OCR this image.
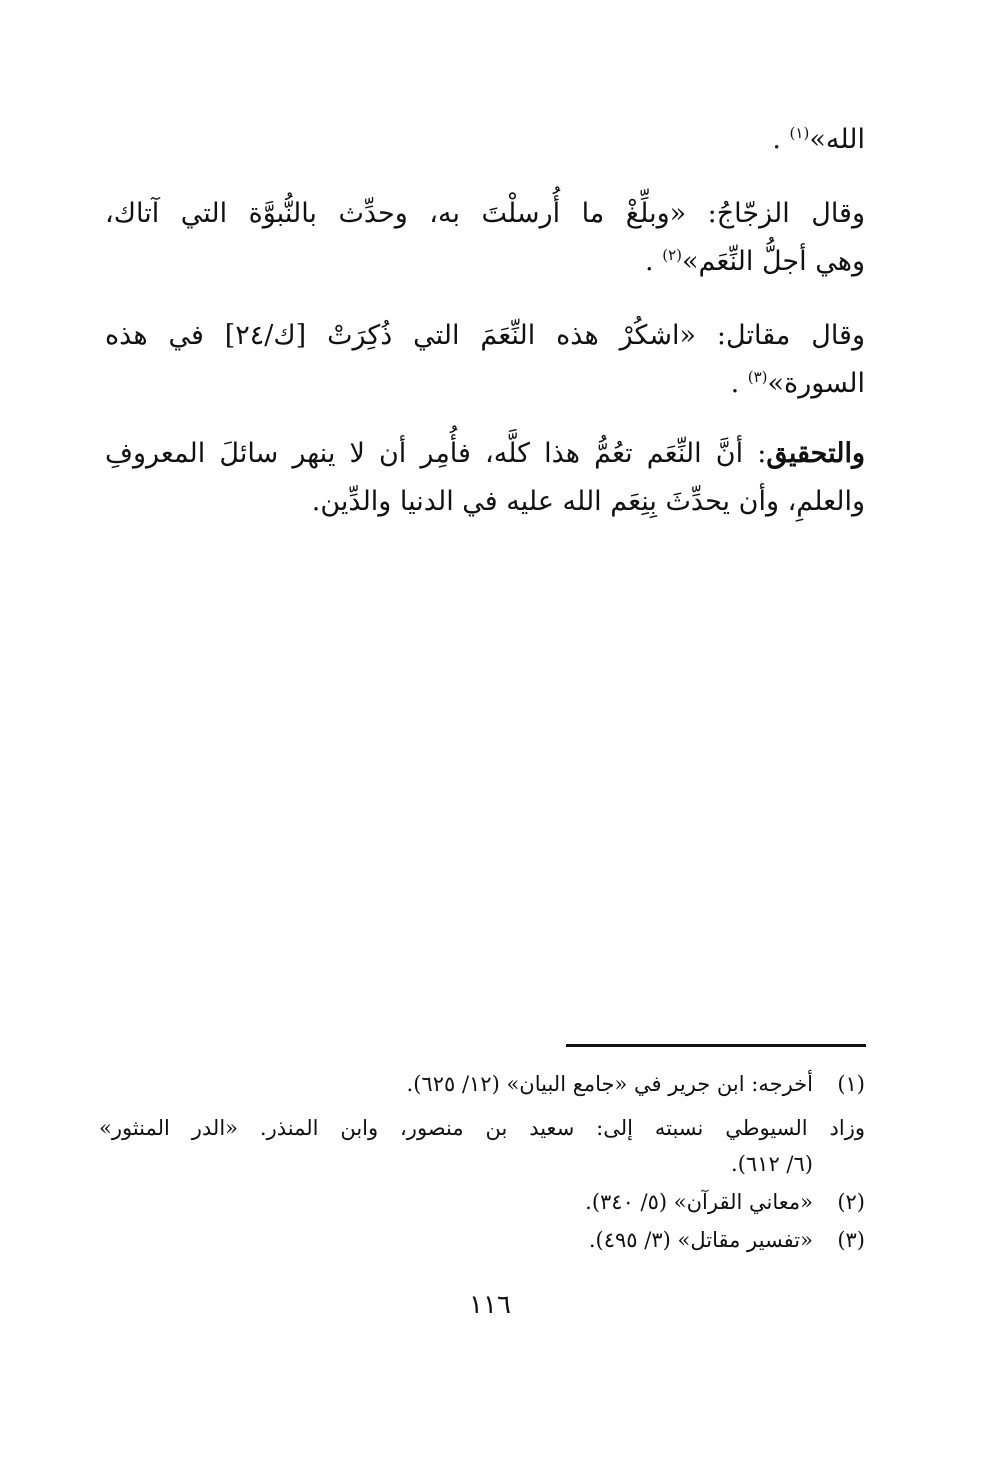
الله»$^{(١)}$ .
وقال الزجّاجُ: «وبلِّغْ ما أُرسلْتَ به، وحدِّث بالنُّبوَّة التي آتاك،
وهي أجلُّ النِّعَم»$^{(٢)}$ .
وقال مقاتل: «اشكُرْ هذه النِّعَمَ التي ذُكِرَتْ [ك/٢٤] في هذه
السورة»$^{(٣)}$ .
والتحقيق: أنَّ النِّعَم تعُمُّ هذا كلَّه، فأُمِر أن لا ينهر سائلَ المعروفِ
والعلمِ، وأن يحدِّثَ بِنِعَم الله عليه في الدنيا والدِّين.
(١)أخرجه: ابن جرير في «جامع البيان» (١٢/ ٦٢٥).
وزاد السيوطي نسبته إلى: سعيد بن منصور، وابن المنذر. «الدر المنثور»
(٦/ ٦١٢).
(٢)«معاني القرآن» (٥/ ٣٤٠).
(٣)«تفسير مقاتل» (٣/ ٤٩٥).
١١٦
